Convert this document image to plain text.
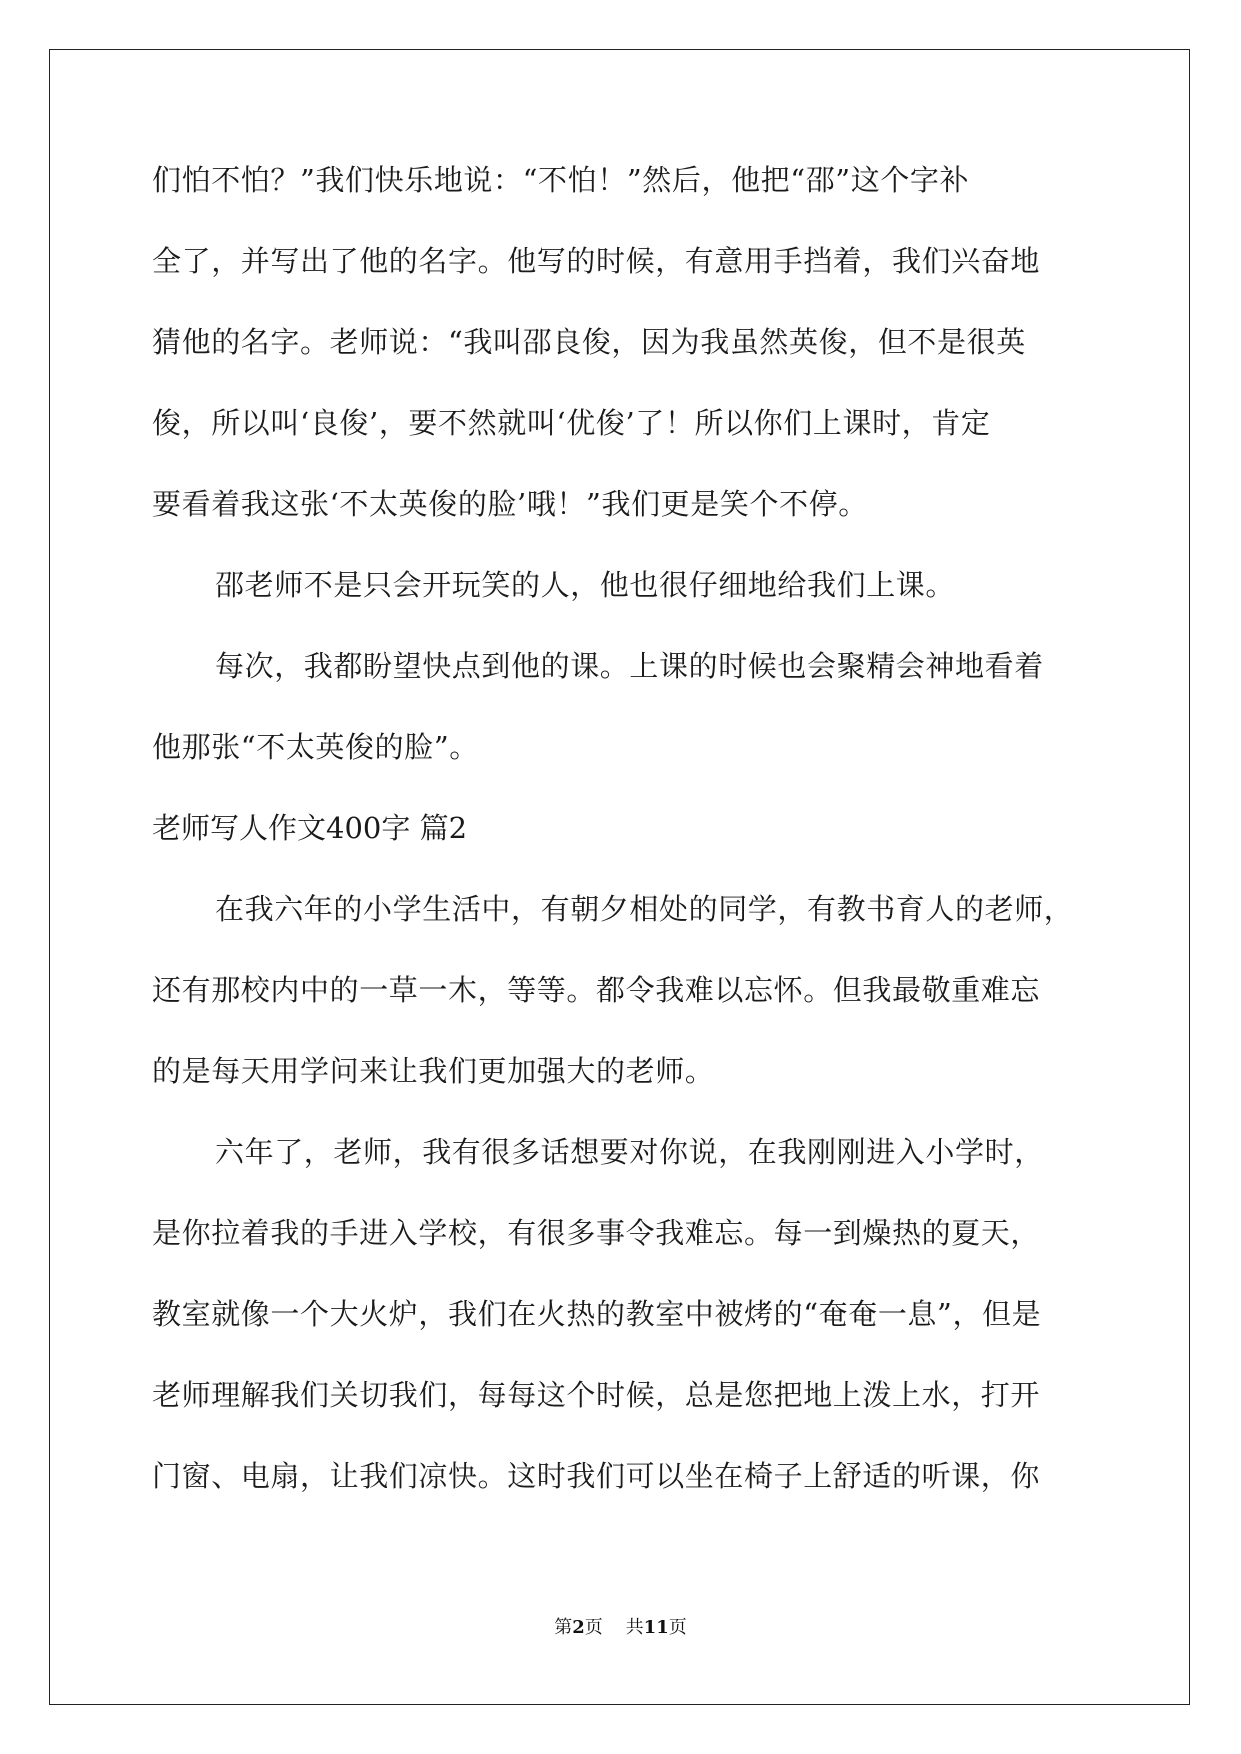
们怕不怕？”我们快乐地说：“不怕！”然后，他把“邵”这个字补
全了，并写出了他的名字。他写的时候，有意用手挡着，我们兴奋地
猜他的名字。老师说：“我叫邵良俊，因为我虽然英俊，但不是很英
俊，所以叫‘良俊’，要不然就叫‘优俊’了！所以你们上课时，肯定
要看着我这张‘不太英俊的脸’哦！”我们更是笑个不停。
邵老师不是只会开玩笑的人，他也很仔细地给我们上课。
每次，我都盼望快点到他的课。上课的时候也会聚精会神地看着
他那张“不太英俊的脸”。
老师写人作文400字 篇2
在我六年的小学生活中，有朝夕相处的同学，有教书育人的老师，
还有那校内中的一草一木，等等。都令我难以忘怀。但我最敬重难忘
的是每天用学问来让我们更加强大的老师。
六年了，老师，我有很多话想要对你说，在我刚刚进入小学时，
是你拉着我的手进入学校，有很多事令我难忘。每一到燥热的夏天，
教室就像一个大火炉，我们在火热的教室中被烤的“奄奄一息”，但是
老师理解我们关切我们，每每这个时候，总是您把地上泼上水，打开
门窗、电扇，让我们凉快。这时我们可以坐在椅子上舒适的听课，你
第2页 共11页
